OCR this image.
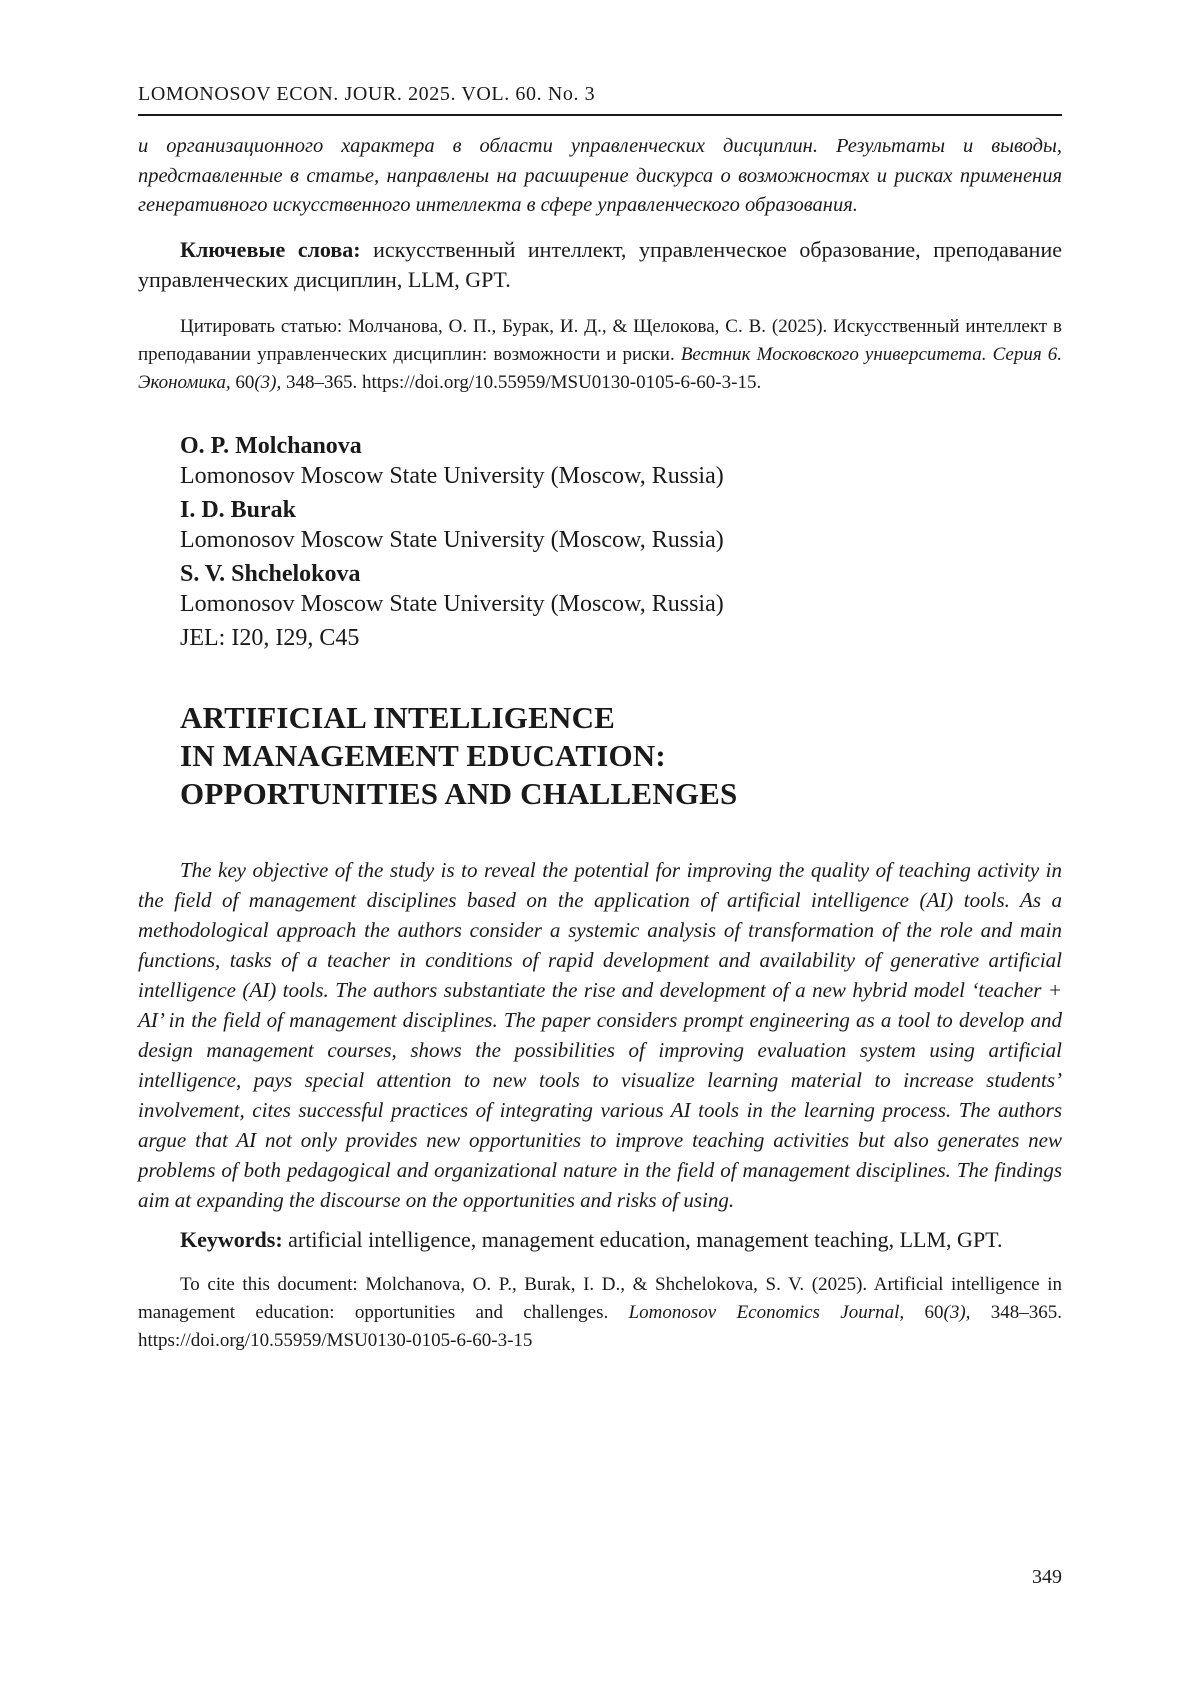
LOMONOSOV ECON. JOUR. 2025. VOL. 60. No. 3

и организационного характера в области управленческих дисциплин. Результаты и выводы, представленные в статье, направлены на расширение дискурса о возможностях и рисках применения генеративного искусственного интеллекта в сфере управленческого образования.

Ключевые слова: искусственный интеллект, управленческое образование, преподавание управленческих дисциплин, LLM, GPT.

Цитировать статью: Молчанова, О. П., Бурак, И. Д., & Щелокова, С. В. (2025). Искусственный интеллект в преподавании управленческих дисциплин: возможности и риски. Вестник Московского университета. Серия 6. Экономика, 60(3), 348–365. https://doi.org/10.55959/MSU0130-0105-6-60-3-15.

O. P. Molchanova
Lomonosov Moscow State University (Moscow, Russia)
I. D. Burak
Lomonosov Moscow State University (Moscow, Russia)
S. V. Shchelokova
Lomonosov Moscow State University (Moscow, Russia)
JEL: I20, I29, C45
ARTIFICIAL INTELLIGENCE
IN MANAGEMENT EDUCATION:
OPPORTUNITIES AND CHALLENGES

The key objective of the study is to reveal the potential for improving the quality of teaching activity in the field of management disciplines based on the application of artificial intelligence (AI) tools. As a methodological approach the authors consider a systemic analysis of transformation of the role and main functions, tasks of a teacher in conditions of rapid development and availability of generative artificial intelligence (AI) tools. The authors substantiate the rise and development of a new hybrid model ‘teacher + AI’ in the field of management disciplines. The paper considers prompt engineering as a tool to develop and design management courses, shows the possibilities of improving evaluation system using artificial intelligence, pays special attention to new tools to visualize learning material to increase students’ involvement, cites successful practices of integrating various AI tools in the learning process. The authors argue that AI not only provides new opportunities to improve teaching activities but also generates new problems of both pedagogical and organizational nature in the field of management disciplines. The findings aim at expanding the discourse on the opportunities and risks of using.

Keywords: artificial intelligence, management education, management teaching, LLM, GPT.

To cite this document: Molchanova, O. P., Burak, I. D., & Shchelokova, S. V. (2025). Artificial intelligence in management education: opportunities and challenges. Lomonosov Economics Journal, 60(3), 348–365. https://doi.org/10.55959/MSU0130-0105-6-60-3-15

349
